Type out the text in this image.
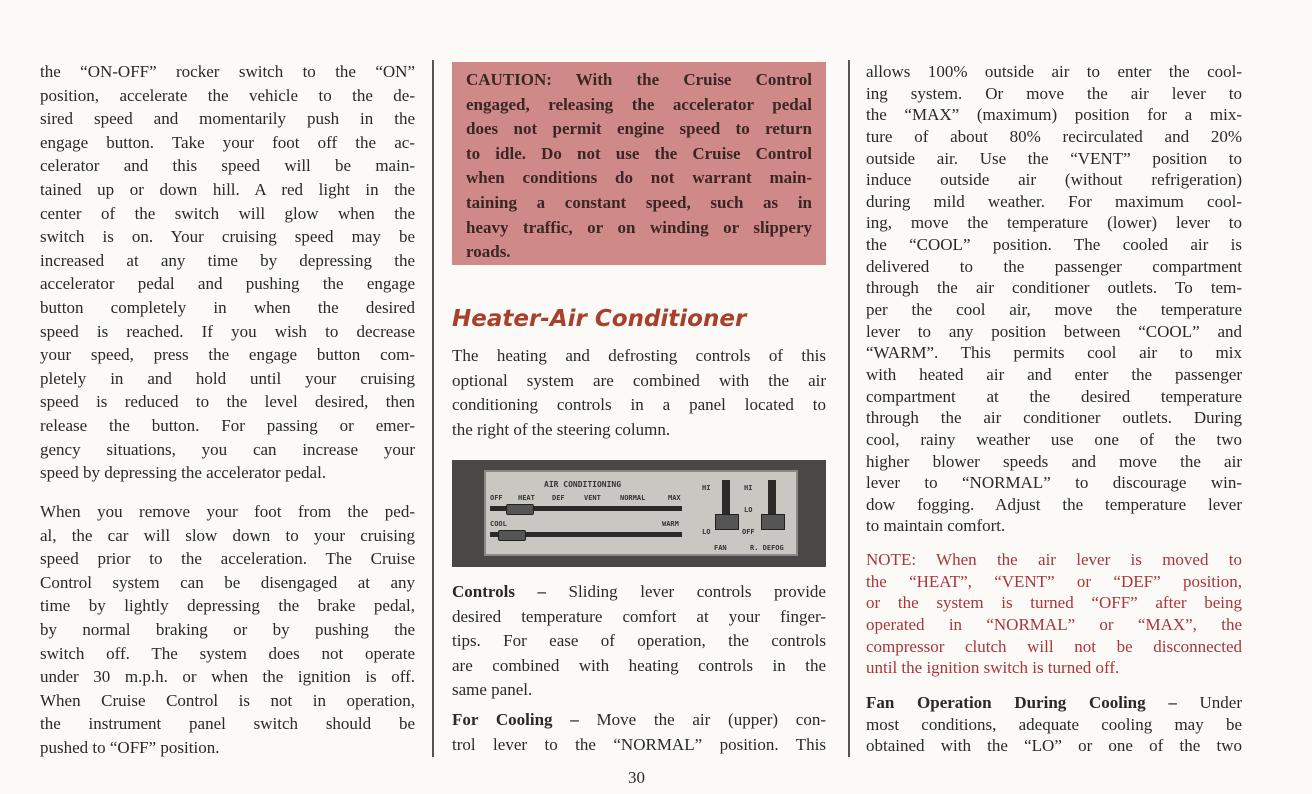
the “ON-OFF” rocker switch to the “ON”
position, accelerate the vehicle to the de-
sired speed and momentarily push in the
engage button. Take your foot off the ac-
celerator and this speed will be main-
tained up or down hill. A red light in the
center of the switch will glow when the
switch is on. Your cruising speed may be
increased at any time by depressing the
accelerator pedal and pushing the engage
button completely in when the desired
speed is reached. If you wish to decrease
your speed, press the engage button com-
pletely in and hold until your cruising
speed is reduced to the level desired, then
release the button. For passing or emer-
gency situations, you can increase your
speed by depressing the accelerator pedal.
When you remove your foot from the ped-
al, the car will slow down to your cruising
speed prior to the acceleration. The Cruise
Control system can be disengaged at any
time by lightly depressing the brake pedal,
by normal braking or by pushing the
switch off. The system does not operate
under 30 m.p.h. or when the ignition is off.
When Cruise Control is not in operation,
the instrument panel switch should be
pushed to “OFF” position.
CAUTION: With the Cruise Control
engaged, releasing the accelerator pedal
does not permit engine speed to return
to idle. Do not use the Cruise Control
when conditions do not warrant main-
taining a constant speed, such as in
heavy traffic, or on winding or slippery
roads.
Heater-Air Conditioner
The heating and defrosting controls of this
optional system are combined with the air
conditioning controls in a panel located to
the right of the steering column.
Controls – Sliding lever controls provide
desired temperature comfort at your finger-
tips. For ease of operation, the controls
are combined with heating controls in the
same panel.
For Cooling – Move the air (upper) con-
trol lever to the “NORMAL” position. This
AIR CONDITIONING
OFF HEAT DEF	VENT	NORMAL	MAX
COOL	WARM
HI
LO
FAN
HI
LO
OFF
R. DEFOG
allows 100% outside air to enter the cool-
ing system. Or move the air lever to
the “MAX” (maximum) position for a mix-
ture of about 80% recirculated and 20%
outside air. Use the “VENT” position to
induce outside air (without refrigeration)
during mild weather. For maximum cool-
ing, move the temperature (lower) lever to
the “COOL” position. The cooled air is
delivered to the passenger compartment
through the air conditioner outlets. To tem-
per the cool air, move the temperature
lever to any position between “COOL” and
“WARM”. This permits cool air to mix
with heated air and enter the passenger
compartment at the desired temperature
through the air conditioner outlets. During
cool, rainy weather use one of the two
higher blower speeds and move the air
lever to “NORMAL” to discourage win-
dow fogging. Adjust the temperature lever
to maintain comfort.
NOTE: When the air lever is moved to
the “HEAT”, “VENT” or “DEF” position,
or the system is turned “OFF” after being
operated in “NORMAL” or “MAX”, the
compressor clutch will not be disconnected
until the ignition switch is turned off.
Fan Operation During Cooling – Under
most conditions, adequate cooling may be
obtained with the “LO” or one of the two
30
